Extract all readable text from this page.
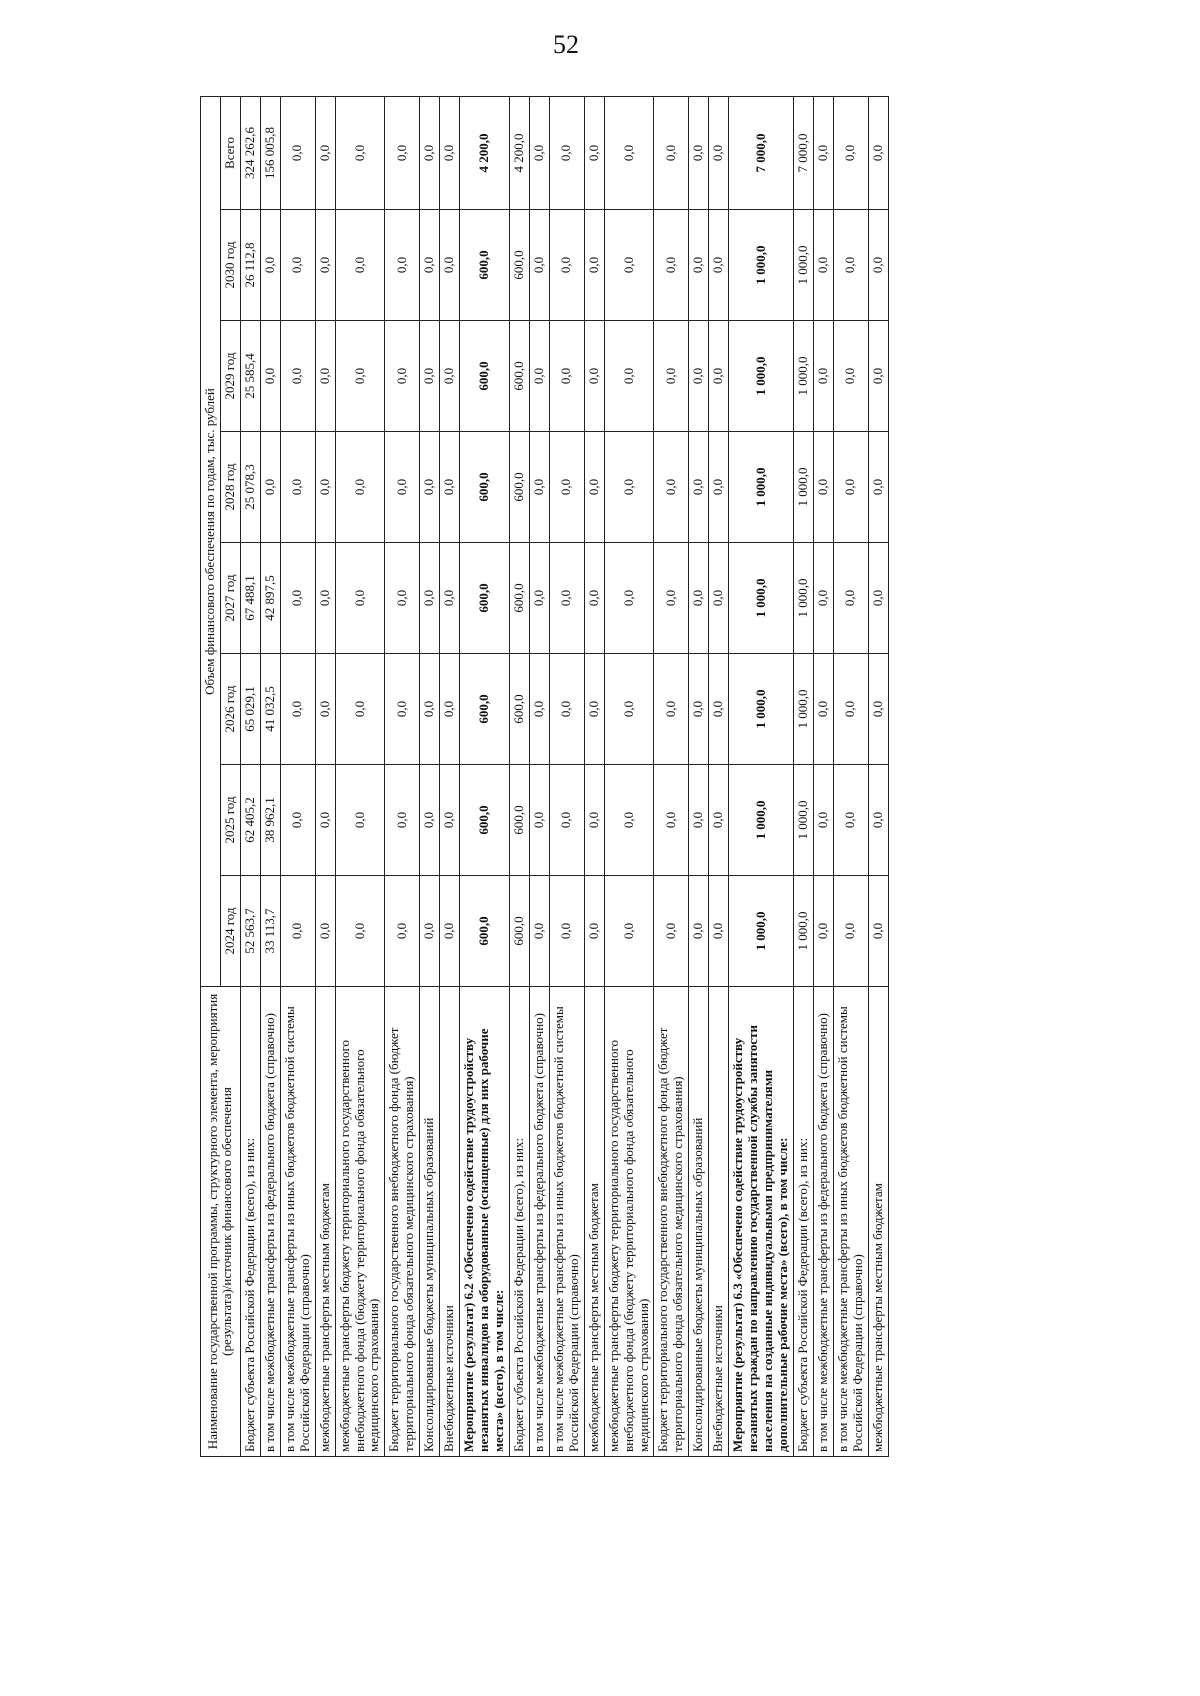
52
Наименование государственной программы, структурного элемента, мероприятия (результата)/источник финансового обеспечения	Объем финансового обеспечения по годам, тыс. рублей							
	2024 год	2025 год	2026 год	2027 год	2028 год	2029 год	2030 год	Всего
Бюджет субъекта Российской Федерации (всего), из них:	52 563,7	62 405,2	65 029,1	67 488,1	25 078,3	25 585,4	26 112,8	324 262,6
в том числе межбюджетные трансферты из федерального бюджета (справочно)	33 113,7	38 962,1	41 032,5	42 897,5	0,0	0,0	0,0	156 005,8
в том числе межбюджетные трансферты из иных бюджетов бюджетной системы Российской Федерации (справочно)	0,0	0,0	0,0	0,0	0,0	0,0	0,0	0,0
межбюджетные трансферты местным бюджетам	0,0	0,0	0,0	0,0	0,0	0,0	0,0	0,0
межбюджетные трансферты бюджету территориального государственного внебюджетного фонда (бюджету территориального фонда обязательного медицинского страхования)	0,0	0,0	0,0	0,0	0,0	0,0	0,0	0,0
Бюджет территориального государственного внебюджетного фонда (бюджет территориального фонда обязательного медицинского страхования)	0,0	0,0	0,0	0,0	0,0	0,0	0,0	0,0
Консолидированные бюджеты муниципальных образований	0,0	0,0	0,0	0,0	0,0	0,0	0,0	0,0
Внебюджетные источники	0,0	0,0	0,0	0,0	0,0	0,0	0,0	0,0
Мероприятие (результат) 6.2 «Обеспечено содействие трудоустройству незанятых инвалидов на оборудованные (оснащенные) для них рабочие места» (всего), в том числе:	600,0	600,0	600,0	600,0	600,0	600,0	600,0	4 200,0
Бюджет субъекта Российской Федерации (всего), из них:	600,0	600,0	600,0	600,0	600,0	600,0	600,0	4 200,0
в том числе межбюджетные трансферты из федерального бюджета (справочно)	0,0	0,0	0,0	0,0	0,0	0,0	0,0	0,0
в том числе межбюджетные трансферты из иных бюджетов бюджетной системы Российской Федерации (справочно)	0,0	0,0	0,0	0,0	0,0	0,0	0,0	0,0
межбюджетные трансферты местным бюджетам	0,0	0,0	0,0	0,0	0,0	0,0	0,0	0,0
межбюджетные трансферты бюджету территориального государственного внебюджетного фонда (бюджету территориального фонда обязательного медицинского страхования)	0,0	0,0	0,0	0,0	0,0	0,0	0,0	0,0
Бюджет территориального государственного внебюджетного фонда (бюджет территориального фонда обязательного медицинского страхования)	0,0	0,0	0,0	0,0	0,0	0,0	0,0	0,0
Консолидированные бюджеты муниципальных образований	0,0	0,0	0,0	0,0	0,0	0,0	0,0	0,0
Внебюджетные источники	0,0	0,0	0,0	0,0	0,0	0,0	0,0	0,0
Мероприятие (результат) 6.3 «Обеспечено содействие трудоустройству незанятых граждан по направлению государственной службы занятости населения на созданные индивидуальными предпринимателями дополнительные рабочие места» (всего), в том числе:	1 000,0	1 000,0	1 000,0	1 000,0	1 000,0	1 000,0	1 000,0	7 000,0
Бюджет субъекта Российской Федерации (всего), из них:	1 000,0	1 000,0	1 000,0	1 000,0	1 000,0	1 000,0	1 000,0	7 000,0
в том числе межбюджетные трансферты из федерального бюджета (справочно)	0,0	0,0	0,0	0,0	0,0	0,0	0,0	0,0
в том числе межбюджетные трансферты из иных бюджетов бюджетной системы Российской Федерации (справочно)	0,0	0,0	0,0	0,0	0,0	0,0	0,0	0,0
межбюджетные трансферты местным бюджетам	0,0	0,0	0,0	0,0	0,0	0,0	0,0	0,0
